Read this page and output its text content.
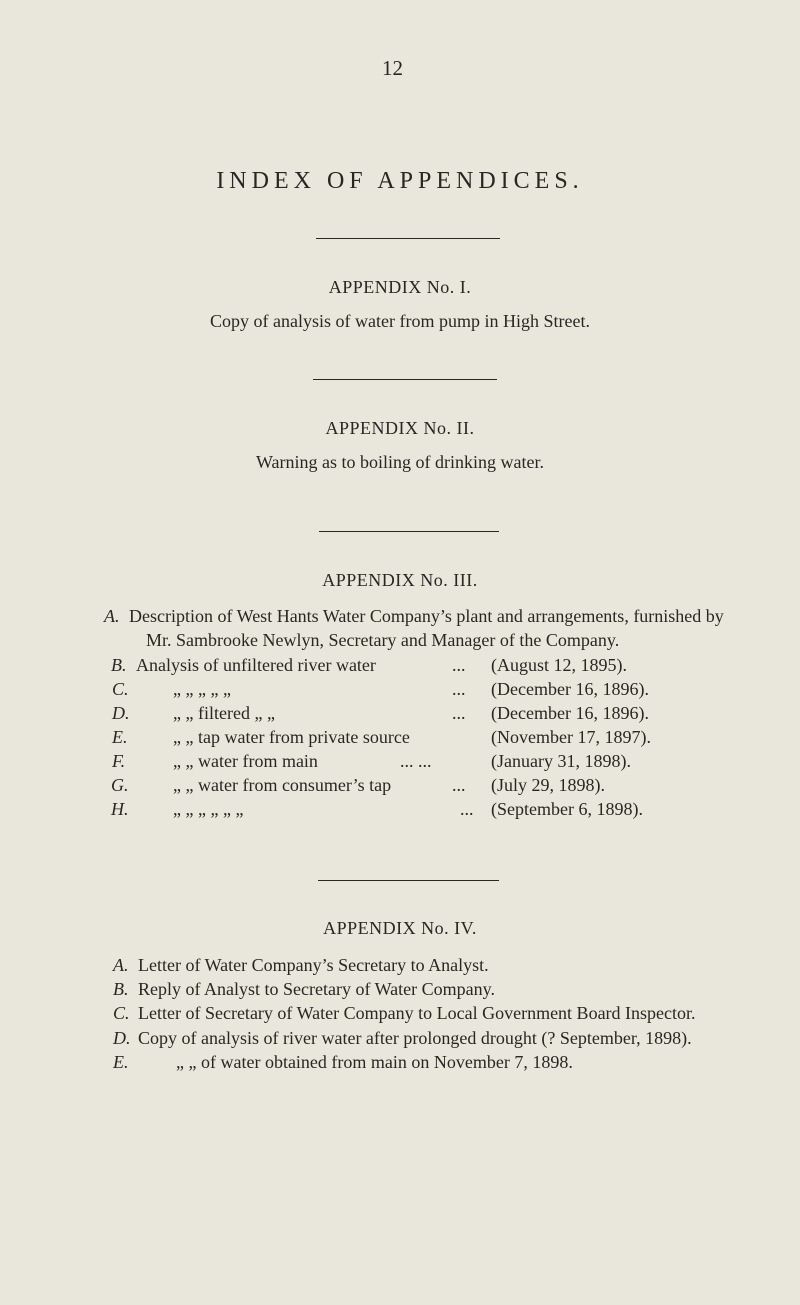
12
INDEX OF APPENDICES.
APPENDIX No. I.
Copy of analysis of water from pump in High Street.
APPENDIX No. II.
Warning as to boiling of drinking water.
APPENDIX No. III.
A. Description of West Hants Water Company’s plant and arrangements, furnished by
Mr. Sambrooke Newlyn, Secretary and Manager of the Company.
B. Analysis of unfiltered river water	... (August 12, 1895).
C. „ „ „ „ „	... (December 16, 1896).
D. „ „ filtered „ „	... (December 16, 1896).
E.	„ „ tap water from private source	(November 17, 1897).
F.	„ „ water from main	... ...	(January 31, 1898).
G. „ „ water from consumer’s tap	... (July 29, 1898).
H. „ „ „ „ „ „	... (September 6, 1898).
APPENDIX No. IV.
A. Letter of Water Company’s Secretary to Analyst.
B. Reply of Analyst to Secretary of Water Company.
C. Letter of Secretary of Water Company to Local Government Board Inspector.
D. Copy of analysis of river water after prolonged drought (? September, 1898).
E.	„ „ of water obtained from main on November 7, 1898.
